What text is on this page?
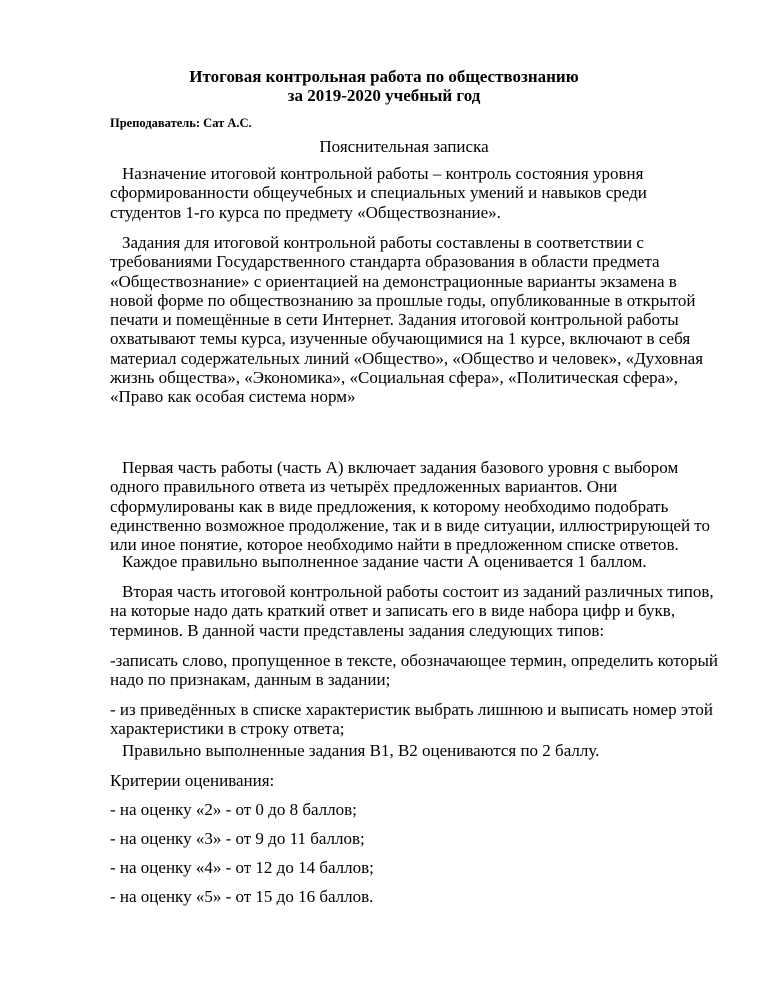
Итоговая контрольная работа по обществознанию
за 2019-2020 учебный год
Преподаватель: Сат А.С.
Пояснительная записка

Назначение итоговой контрольной работы – контроль состояния уровня сформированности общеучебных и специальных умений и навыков среди студентов 1-го курса по предмету «Обществознание».

Задания для итоговой контрольной работы составлены в соответствии с требованиями Государственного стандарта образования в области предмета «Обществознание» с ориентацией на демонстрационные варианты экзамена в новой форме по обществознанию за прошлые годы, опубликованные в открытой печати и помещённые в сети Интернет. Задания итоговой контрольной работы охватывают темы курса, изученные обучающимися на 1 курсе, включают в себя материал содержательных линий «Общество», «Общество и человек», «Духовная жизнь общества», «Экономика», «Социальная сфера», «Политическая сфера», «Право как особая система норм»

Первая часть работы (часть А) включает задания базового уровня с выбором одного правильного ответа из четырёх предложенных вариантов. Они сформулированы как в виде предложения, к которому необходимо подобрать единственно возможное продолжение, так и в виде ситуации, иллюстрирующей то или иное понятие, которое необходимо найти в предложенном списке ответов.

Каждое правильно выполненное задание части А оценивается 1 баллом.

Вторая часть итоговой контрольной работы состоит из заданий различных типов, на которые надо дать краткий ответ и записать его в виде набора цифр и букв, терминов. В данной части представлены задания следующих типов:

-записать слово, пропущенное в тексте, обозначающее термин, определить который надо по признакам, данным в задании;

- из приведённых в списке характеристик выбрать лишнюю и выписать номер этой характеристики в строку ответа;

Правильно выполненные задания В1, В2 оцениваются по 2 баллу.

Критерии оценивания:

- на оценку «2» - от 0 до 8 баллов;

- на оценку «3» - от 9 до 11 баллов;

- на оценку «4» - от 12 до 14 баллов;

- на оценку «5» - от 15 до 16 баллов.
